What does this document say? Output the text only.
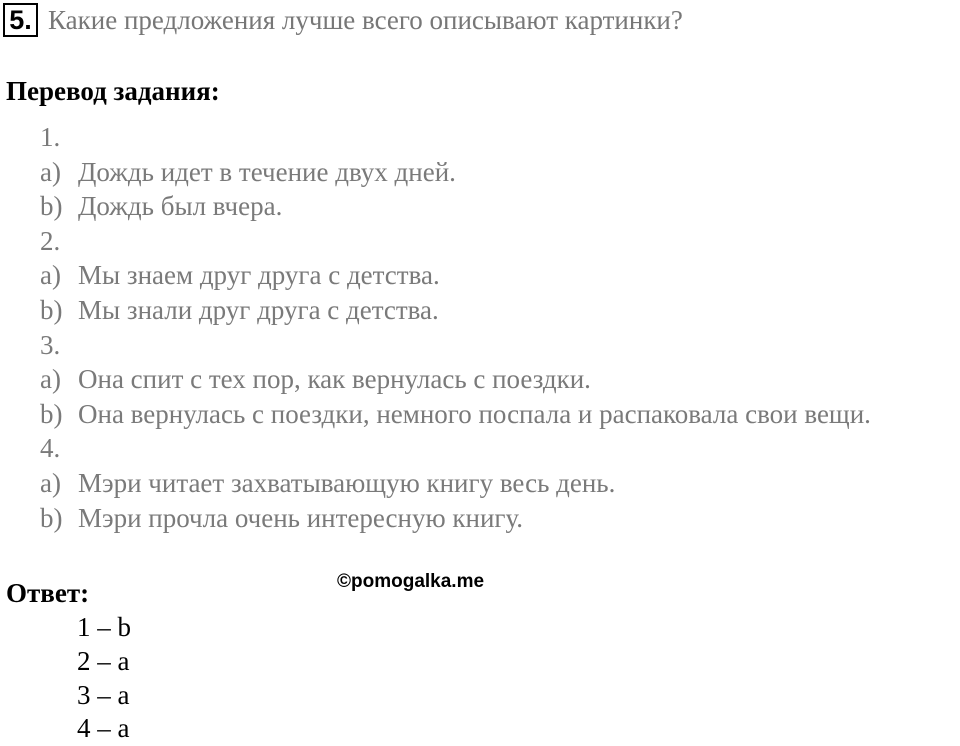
5. Какие предложения лучше всего описывают картинки?
Перевод задания:
1.
a) Дождь идет в течение двух дней.
b) Дождь был вчера.
2.
a) Мы знаем друг друга с детства.
b) Мы знали друг друга с детства.
3.
a) Она спит с тех пор, как вернулась с поездки.
b) Она вернулась с поездки, немного поспала и распаковала свои вещи.
4.
a) Мэри читает захватывающую книгу весь день.
b) Мэри прочла очень интересную книгу.
Ответ:	©pomogalka.me
1 – b
2 – a
3 – a
4 – a
